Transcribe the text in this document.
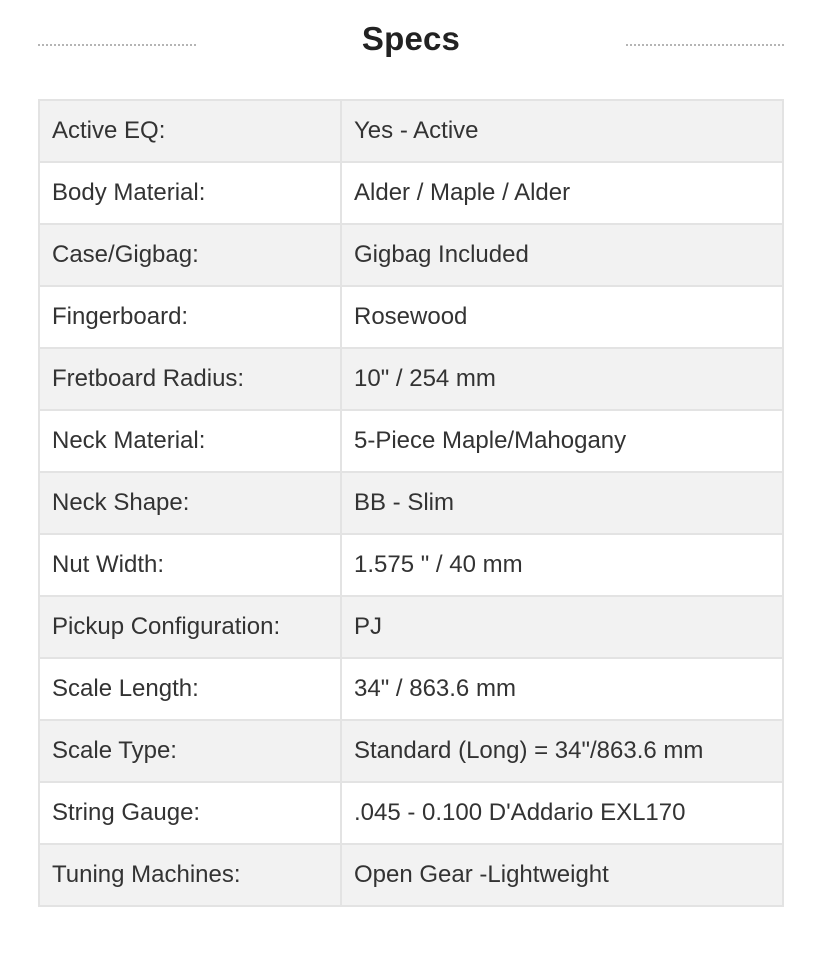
Specs
Active EQ:	Yes - Active
Body Material:	Alder / Maple / Alder
Case/Gigbag:	Gigbag Included
Fingerboard:	Rosewood
Fretboard Radius:	10" / 254 mm
Neck Material:	5-Piece Maple/Mahogany
Neck Shape:	BB - Slim
Nut Width:	1.575 " / 40 mm
Pickup Configuration:	PJ
Scale Length:	34" / 863.6 mm
Scale Type:	Standard (Long) = 34"/863.6 mm
String Gauge:	.045 - 0.100 D'Addario EXL170
Tuning Machines:	Open Gear -Lightweight
